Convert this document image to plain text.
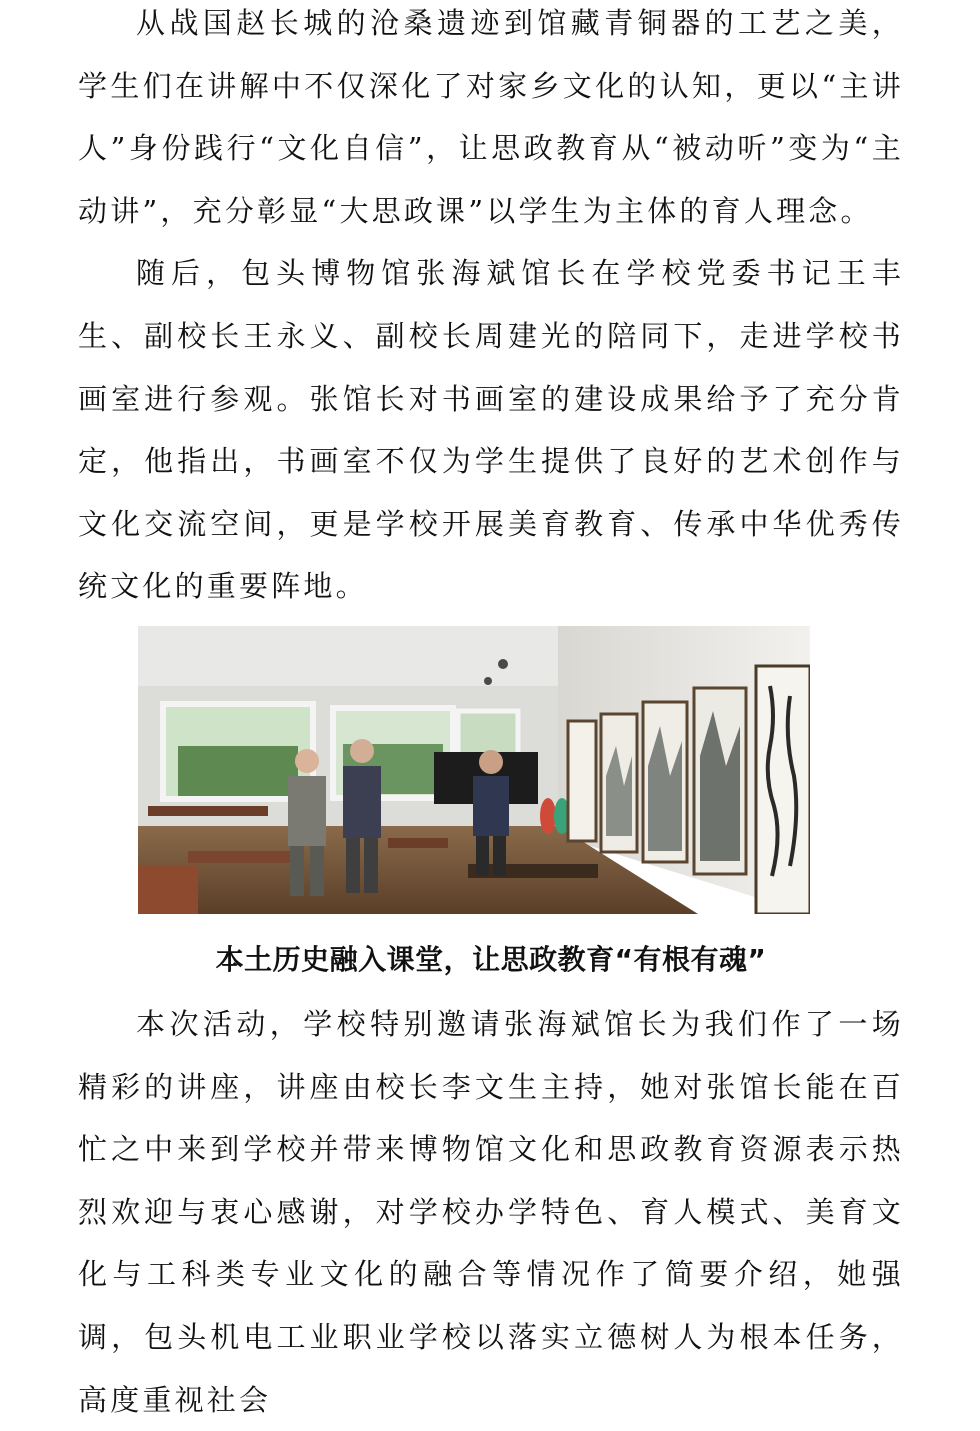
从战国赵长城的沧桑遗迹到馆藏青铜器的工艺之美，学生们在讲解中不仅深化了对家乡文化的认知，更以“主讲人”身份践行“文化自信”，让思政教育从“被动听”变为“主动讲”，充分彰显“大思政课”以学生为主体的育人理念。

随后，包头博物馆张海斌馆长在学校党委书记王丰生、副校长王永义、副校长周建光的陪同下，走进学校书画室进行参观。张馆长对书画室的建设成果给予了充分肯定，他指出，书画室不仅为学生提供了良好的艺术创作与文化交流空间，更是学校开展美育教育、传承中华优秀传统文化的重要阵地。

本土历史融入课堂，让思政教育“有根有魂”

本次活动，学校特别邀请张海斌馆长为我们作了一场精彩的讲座，讲座由校长李文生主持，她对张馆长能在百忙之中来到学校并带来博物馆文化和思政教育资源表示热烈欢迎与衷心感谢，对学校办学特色、育人模式、美育文化与工科类专业文化的融合等情况作了简要介绍，她强调，包头机电工业职业学校以落实立德树人为根本任务，高度重视社会
